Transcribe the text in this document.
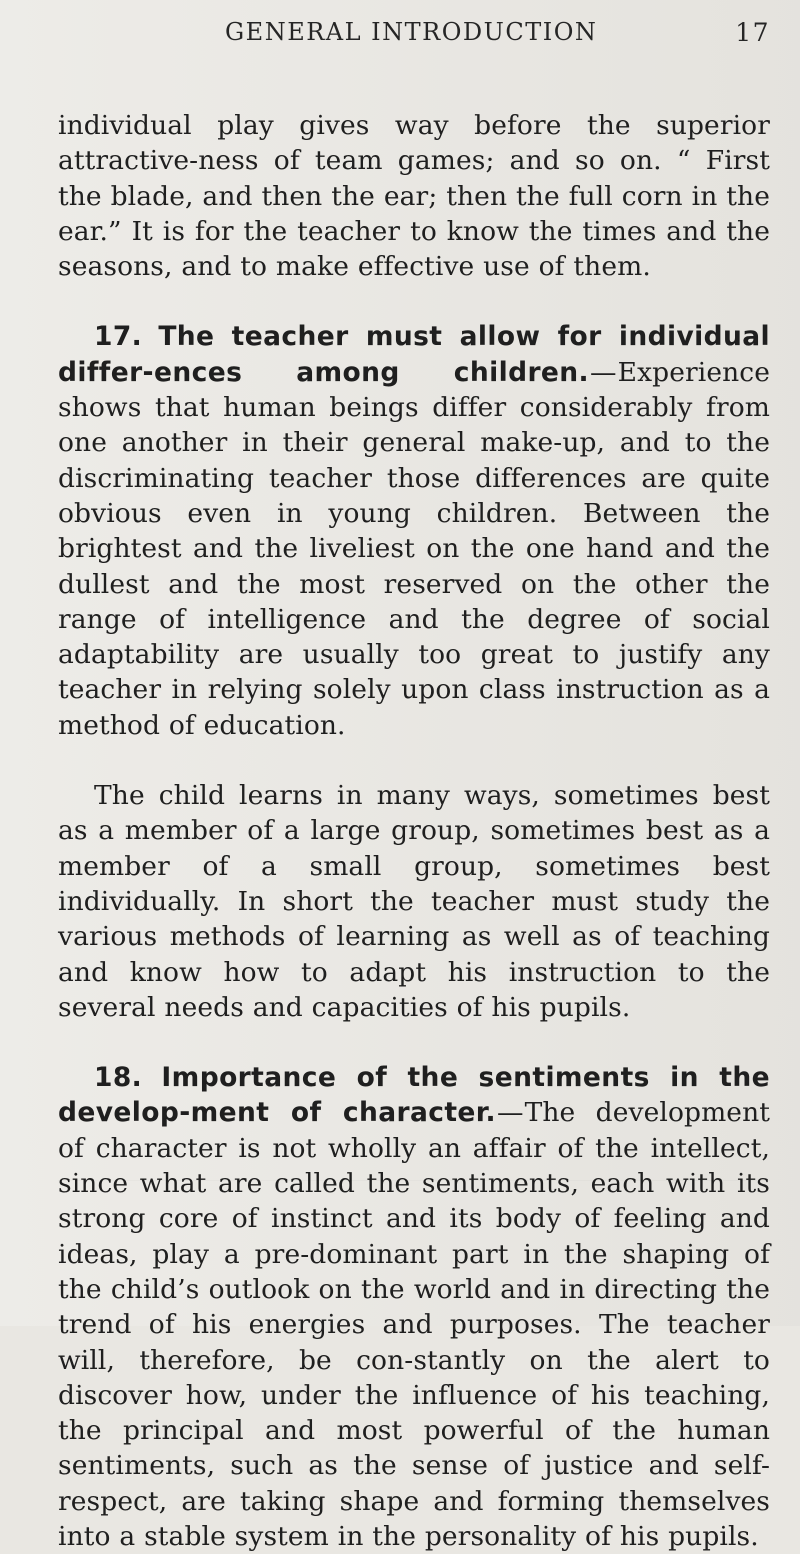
GENERAL INTRODUCTION	17

individual play gives way before the superior attractive-ness of team games; and so on. “ First the blade, and then the ear; then the full corn in the ear.” It is for the teacher to know the times and the seasons, and to make effective use of them.

17. The teacher must allow for individual differ-ences among children.—Experience shows that human beings differ considerably from one another in their general make-up, and to the discriminating teacher those differences are quite obvious even in young children. Between the brightest and the liveliest on the one hand and the dullest and the most reserved on the other the range of intelligence and the degree of social adaptability are usually too great to justify any teacher in relying solely upon class instruction as a method of education.

The child learns in many ways, sometimes best as a member of a large group, sometimes best as a member of a small group, sometimes best individually. In short the teacher must study the various methods of learning as well as of teaching and know how to adapt his instruction to the several needs and capacities of his pupils.

18. Importance of the sentiments in the develop-ment of character.—The development of character is not wholly an affair of the intellect, since what are called the sentiments, each with its strong core of instinct and its body of feeling and ideas, play a pre-dominant part in the shaping of the child’s outlook on the world and in directing the trend of his energies and purposes. The teacher will, therefore, be con-stantly on the alert to discover how, under the influence of his teaching, the principal and most powerful of the human sentiments, such as the sense of justice and self-respect, are taking shape and forming themselves into a stable system in the personality of his pupils.
